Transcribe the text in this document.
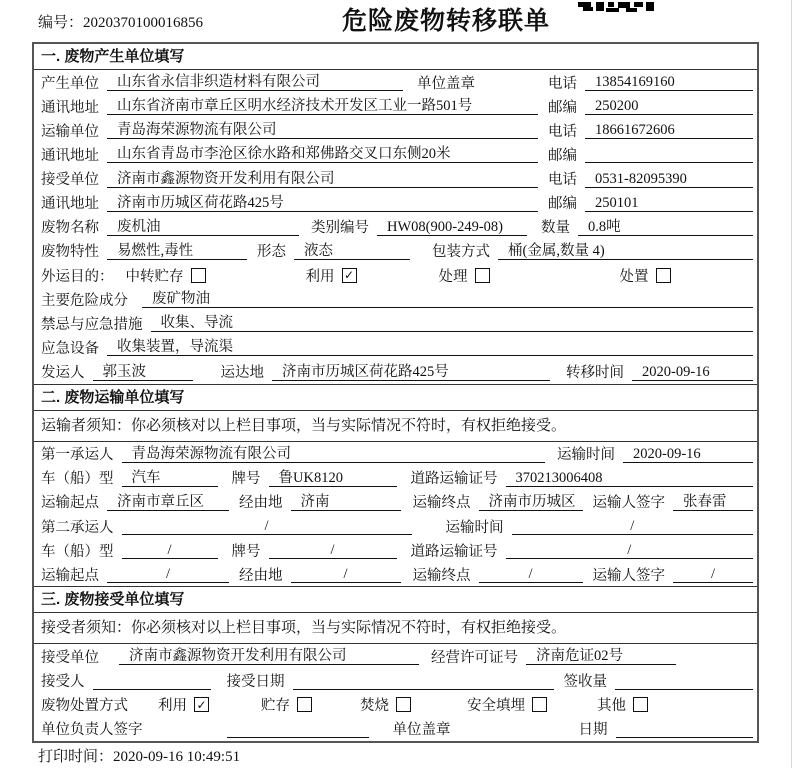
编号：2020370100016856	危险废物转移联单
一. 废物产生单位填写
产生单位	山东省永信非织造材料有限公司	单位盖章	电话	13854169160
通讯地址	山东省济南市章丘区明水经济技术开发区工业一路501号	邮编	250200
运输单位	青岛海荣源物流有限公司	电话	18661672606
通讯地址	山东省青岛市李沧区徐水路和郑佛路交叉口东侧20米	邮编
接受单位	济南市鑫源物资开发利用有限公司	电话	0531-82095390
通讯地址	济南市历城区荷花路425号	邮编	250101
废物名称	废机油	类别编号	HW08(900-249-08)	数量	0.8吨
废物特性	易燃性,毒性	形态	液态	包装方式	桶(金属,数量 4)
外运目的： 中转贮存	利用 ✓	处理	处置
主要危险成分	废矿物油
禁忌与应急措施	收集、导流
应急设备	收集装置，导流渠
发运人	郭玉波	运达地	济南市历城区荷花路425号	转移时间	2020-09-16
二. 废物运输单位填写
运输者须知：你必须核对以上栏目事项，当与实际情况不符时，有权拒绝接受。
第一承运人	青岛海荣源物流有限公司	运输时间	2020-09-16
车（船）型	汽车	牌号	鲁UK8120	道路运输证号	370213006408
运输起点	济南市章丘区	经由地	济南	运输终点	济南市历城区	运输人签字	张春雷
第二承运人	/	运输时间	/
车（船）型	/	牌号	/	道路运输证号	/
运输起点	/	经由地	/	运输终点	/	运输人签字	/
三. 废物接受单位填写
接受者须知：你必须核对以上栏目事项，当与实际情况不符时，有权拒绝接受。
接受单位	济南市鑫源物资开发利用有限公司	经营许可证号	济南危证02号
接受人	接受日期	签收量
废物处置方式 利用 ✓	贮存	焚烧	安全填埋	其他
单位负责人签字	单位盖章	日期
打印时间：2020-09-16 10:49:51
